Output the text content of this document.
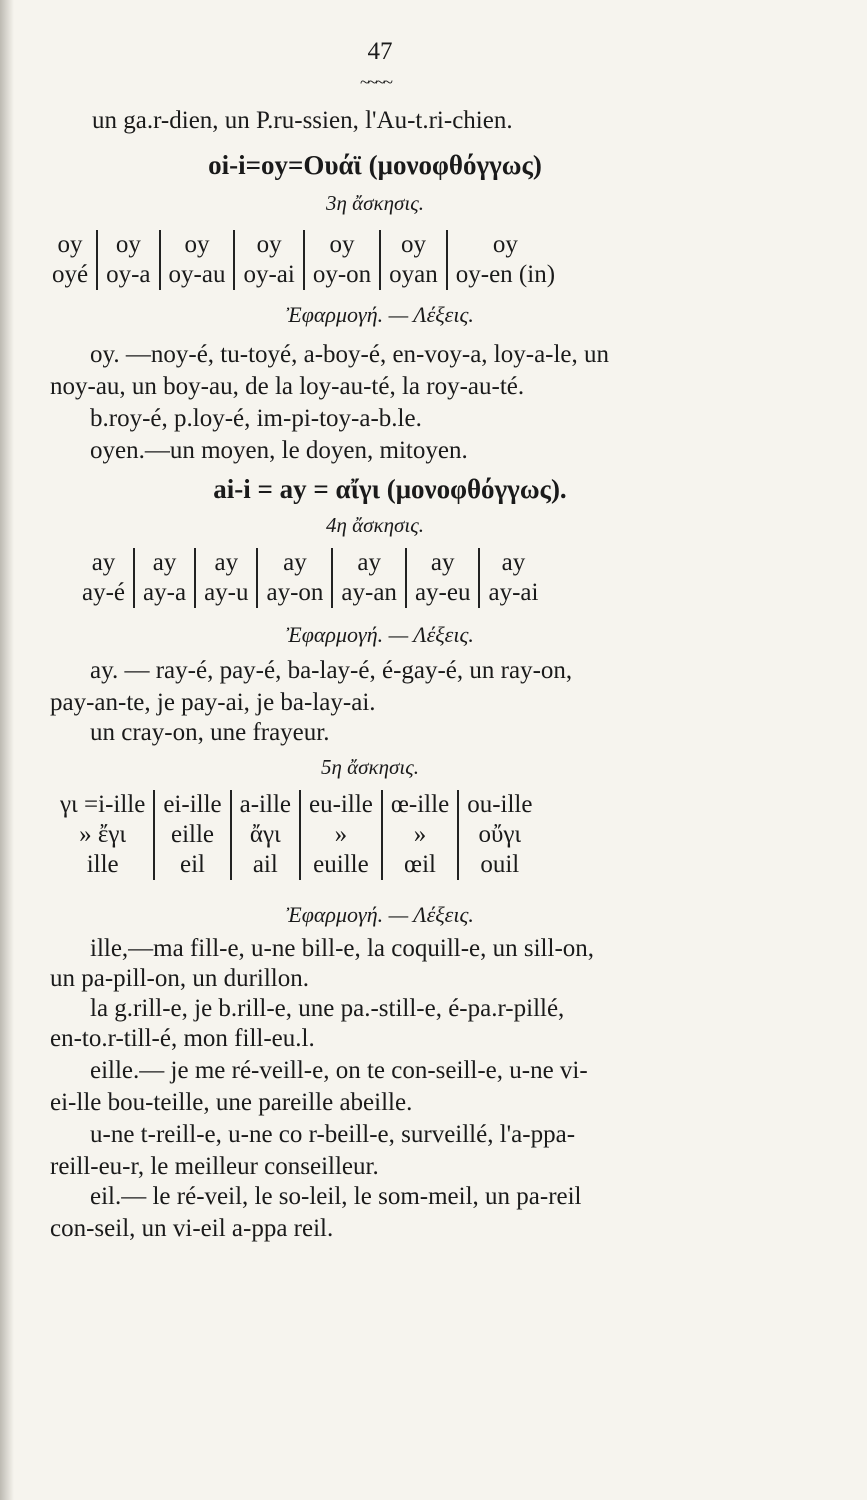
47
~~~~
un ga.r-dien, un P.ru-ssien, l'Au-t.ri-chien.
oi-i=oy=Ουάϊ (μονοφθόγγως)
3η ἄσκησις.
oy	oy	oy	oy	oy	oy	oy
oyé	oy-a	oy-au	oy-ai	oy-on	oyan	oy-en (in)
Ἐφαρμογή. — Λέξεις.
oy. —noy-é, tu-toyé, a-boy-é, en-voy-a, loy-a-le, un
noy-au, un boy-au, de la loy-au-té, la roy-au-té.
b.roy-é, p.loy-é, im-pi-toy-a-b.le.
oyen.—un moyen, le doyen, mitoyen.
ai-i = ay = αἴγι (μονοφθόγγως).
4η ἄσκησις.
ay	ay	ay	ay	ay	ay	ay
ay-é	ay-a	ay-u	ay-on	ay-an	ay-eu	ay-ai
Ἐφαρμογή. — Λέξεις.
ay. — ray-é, pay-é, ba-lay-é, é-gay-é, un ray-on,
pay-an-te, je pay-ai, je ba-lay-ai.
un cray-on, une frayeur.
5η ἄσκησις.
γι =i-ille	ei-ille	a-ille	eu-ille	œ-ille	ou-ille
» ἔγι	eille	ἄγι	»	»	οὔγι
ille	eil	ail	euille	œil	ouil
Ἐφαρμογή. — Λέξεις.
ille,—ma fill-e, u-ne bill-e, la coquill-e, un sill-on,
un pa-pill-on, un durillon.
la g.rill-e, je b.rill-e, une pa.-still-e, é-pa.r-pillé,
en-to.r-till-é, mon fill-eu.l.
eille.— je me ré-veill-e, on te con-seill-e, u-ne vi-
ei-lle bou-teille, une pareille abeille.
u-ne t-reill-e, u-ne co r-beill-e, surveillé, l'a-ppa-
reill-eu-r, le meilleur conseilleur.
eil.— le ré-veil, le so-leil, le som-meil, un pa-reil
con-seil, un vi-eil a-ppa reil.
